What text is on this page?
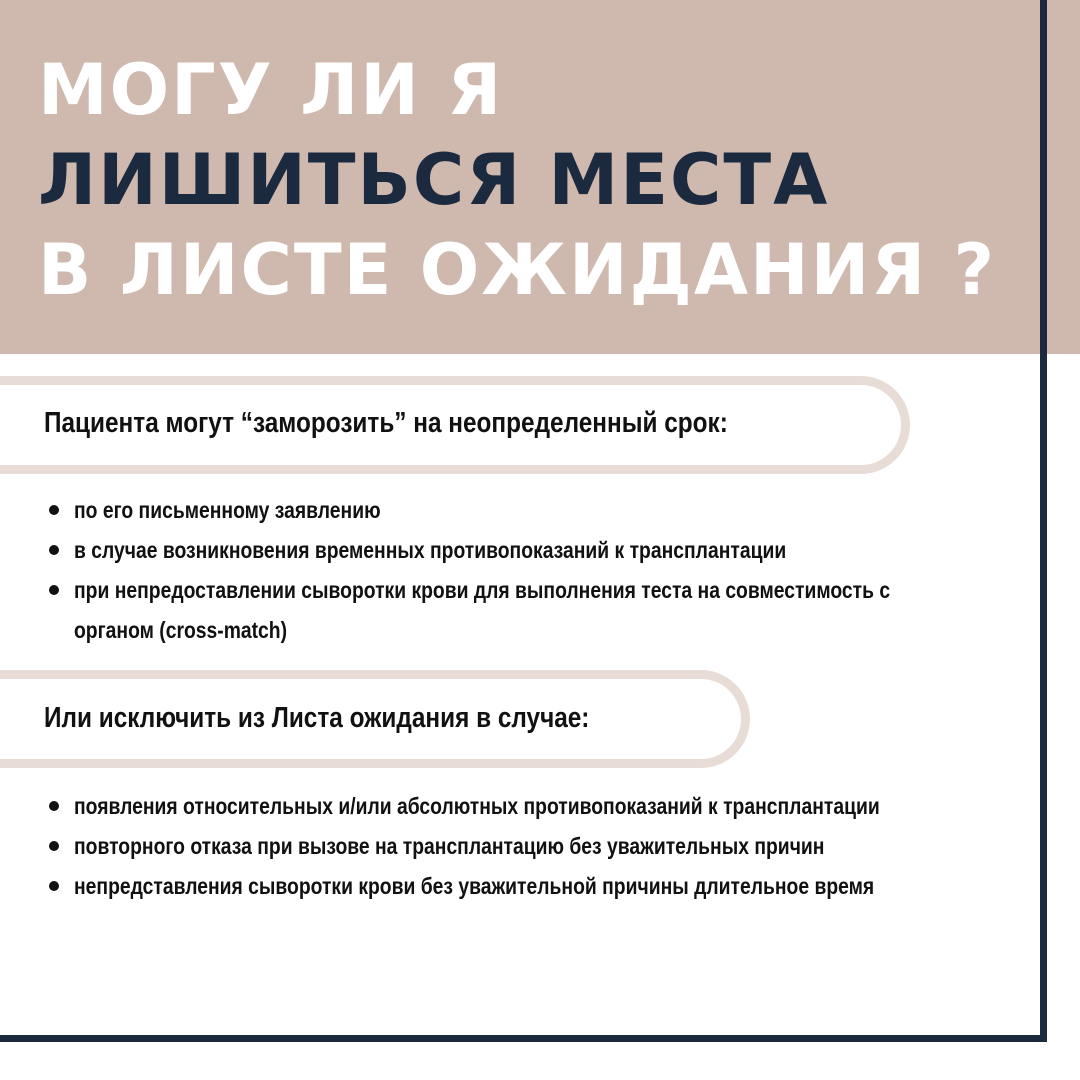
МОГУ ЛИ Я
ЛИШИТЬСЯ МЕСТА
В ЛИСТЕ ОЖИДАНИЯ ?

Пациента могут “заморозить” на неопределенный срок:

по его письменному заявлению
в случае возникновения временных противопоказаний к трансплантации
при непредоставлении сыворотки крови для выполнения теста на совместимость с органом (cross-match)

Или исключить из Листа ожидания в случае:

появления относительных и/или абсолютных противопоказаний к трансплантации
повторного отказа при вызове на трансплантацию без уважительных причин
непредставления сыворотки крови без уважительной причины длительное время
